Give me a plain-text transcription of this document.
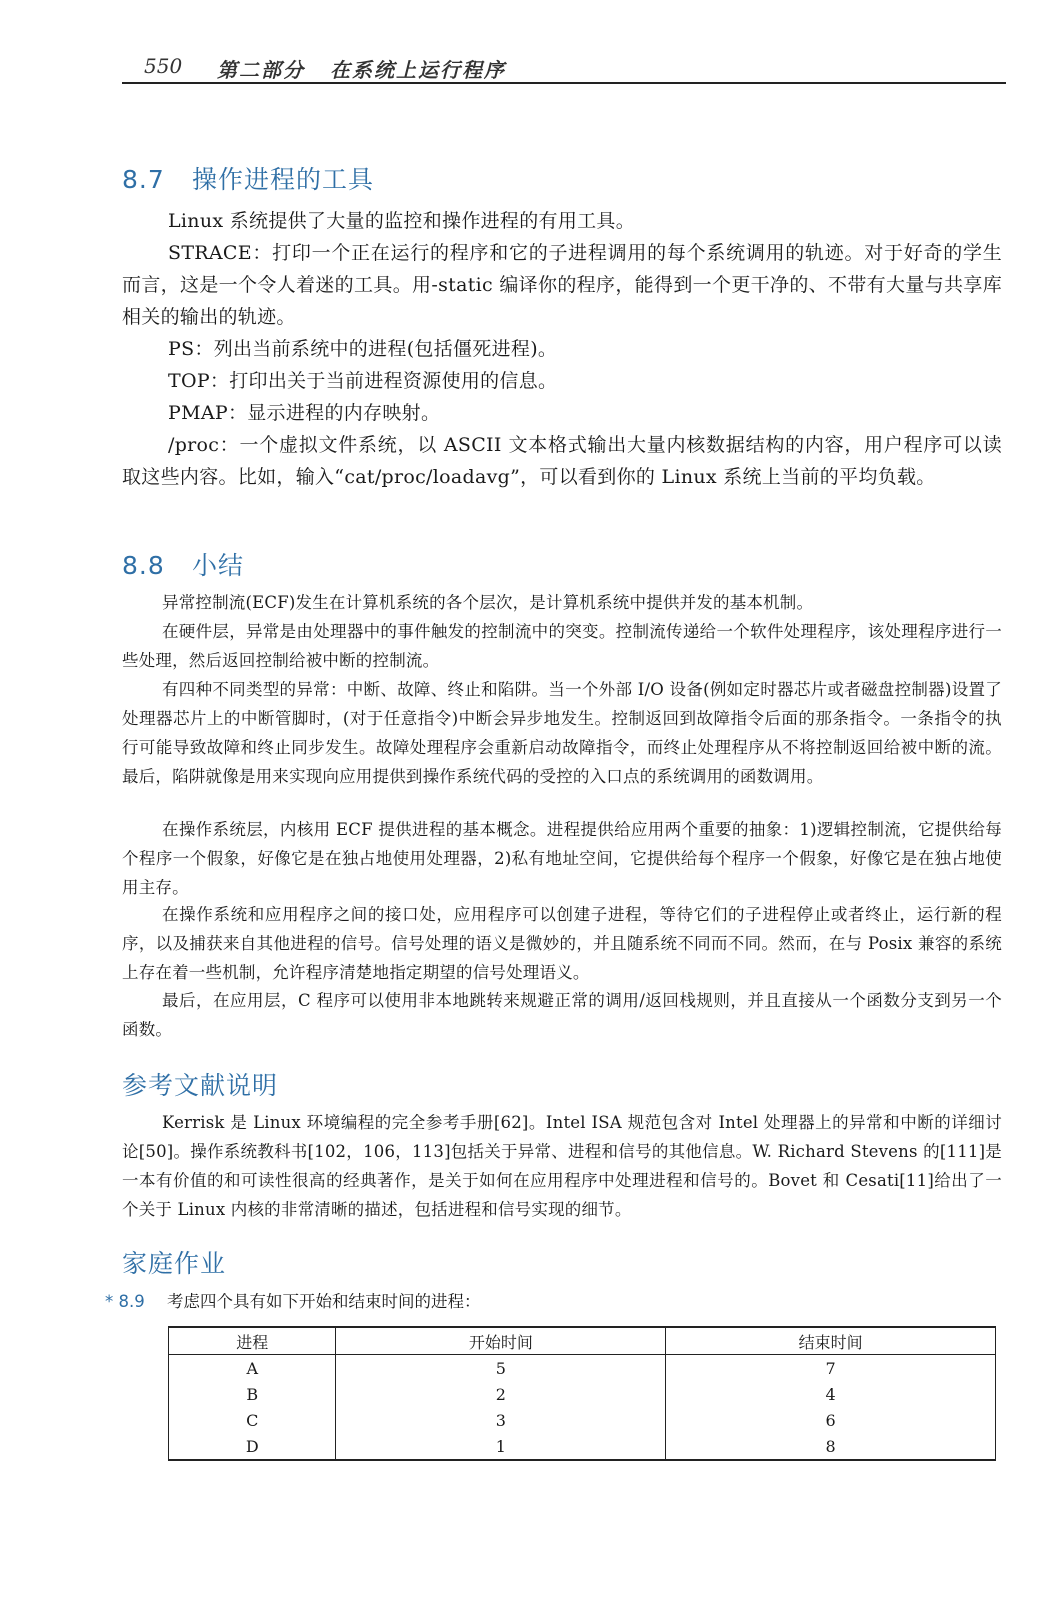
550 第二部分 在系统上运行程序
8.7 操作进程的工具
Linux 系统提供了大量的监控和操作进程的有用工具。
STRACE：打印一个正在运行的程序和它的子进程调用的每个系统调用的轨迹。对于好奇的学生而言，这是一个令人着迷的工具。用-static 编译你的程序，能得到一个更干净的、不带有大量与共享库相关的输出的轨迹。
PS：列出当前系统中的进程(包括僵死进程)。
TOP：打印出关于当前进程资源使用的信息。
PMAP：显示进程的内存映射。
/proc：一个虚拟文件系统，以 ASCII 文本格式输出大量内核数据结构的内容，用户程序可以读取这些内容。比如，输入“cat/proc/loadavg”，可以看到你的 Linux 系统上当前的平均负载。
8.8 小结
异常控制流(ECF)发生在计算机系统的各个层次，是计算机系统中提供并发的基本机制。
在硬件层，异常是由处理器中的事件触发的控制流中的突变。控制流传递给一个软件处理程序，该处理程序进行一些处理，然后返回控制给被中断的控制流。
有四种不同类型的异常：中断、故障、终止和陷阱。当一个外部 I/O 设备(例如定时器芯片或者磁盘控制器)设置了处理器芯片上的中断管脚时，(对于任意指令)中断会异步地发生。控制返回到故障指令后面的那条指令。一条指令的执行可能导致故障和终止同步发生。故障处理程序会重新启动故障指令，而终止处理程序从不将控制返回给被中断的流。最后，陷阱就像是用来实现向应用提供到操作系统代码的受控的入口点的系统调用的函数调用。
在操作系统层，内核用 ECF 提供进程的基本概念。进程提供给应用两个重要的抽象：1)逻辑控制流，它提供给每个程序一个假象，好像它是在独占地使用处理器，2)私有地址空间，它提供给每个程序一个假象，好像它是在独占地使用主存。
在操作系统和应用程序之间的接口处，应用程序可以创建子进程，等待它们的子进程停止或者终止，运行新的程序，以及捕获来自其他进程的信号。信号处理的语义是微妙的，并且随系统不同而不同。然而，在与 Posix 兼容的系统上存在着一些机制，允许程序清楚地指定期望的信号处理语义。
最后，在应用层，C 程序可以使用非本地跳转来规避正常的调用/返回栈规则，并且直接从一个函数分支到另一个函数。
参考文献说明
Kerrisk 是 Linux 环境编程的完全参考手册[62]。Intel ISA 规范包含对 Intel 处理器上的异常和中断的详细讨论[50]。操作系统教科书[102，106，113]包括关于异常、进程和信号的其他信息。W. Richard Stevens 的[111]是一本有价值的和可读性很高的经典著作，是关于如何在应用程序中处理进程和信号的。Bovet 和 Cesati[11]给出了一个关于 Linux 内核的非常清晰的描述，包括进程和信号实现的细节。
家庭作业
* 8.9 考虑四个具有如下开始和结束时间的进程：
进程	开始时间	结束时间
A	5	7
B	2	4
C	3	6
D	1	8
